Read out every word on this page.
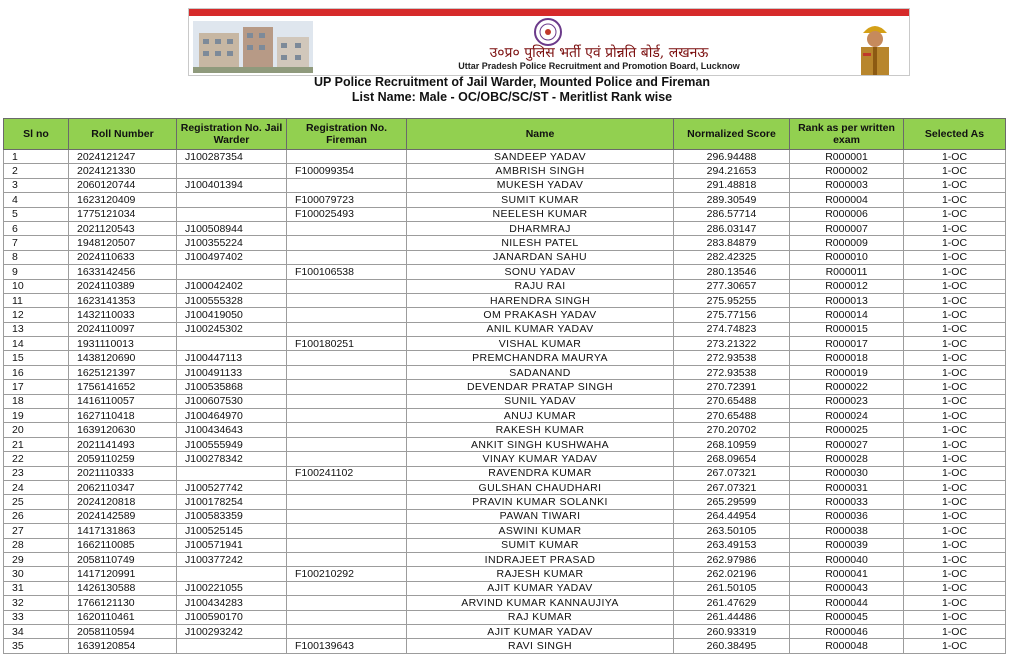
उ०प्र० पुलिस भर्ती एवं प्रोन्नति बोर्ड, लखनऊ
Uttar Pradesh Police Recruitment and Promotion Board, Lucknow
UP Police Recruitment of Jail Warder, Mounted Police and Fireman
List Name: Male - OC/OBC/SC/ST - Meritlist Rank wise
Sl no	Roll Number	Registration No. Jail Warder	Registration No. Fireman	Name	Normalized Score	Rank as per written exam	Selected As
1	2024121247	J100287354		SANDEEP YADAV	296.94488	R000001	1-OC
2	2024121330		F100099354	AMBRISH SINGH	294.21653	R000002	1-OC
3	2060120744	J100401394		MUKESH YADAV	291.48818	R000003	1-OC
4	1623120409		F100079723	SUMIT KUMAR	289.30549	R000004	1-OC
5	1775121034		F100025493	NEELESH KUMAR	286.57714	R000006	1-OC
6	2021120543	J100508944		DHARMRAJ	286.03147	R000007	1-OC
7	1948120507	J100355224		NILESH PATEL	283.84879	R000009	1-OC
8	2024110633	J100497402		JANARDAN SAHU	282.42325	R000010	1-OC
9	1633142456		F100106538	SONU YADAV	280.13546	R000011	1-OC
10	2024110389	J100042402		RAJU RAI	277.30657	R000012	1-OC
11	1623141353	J100555328		HARENDRA SINGH	275.95255	R000013	1-OC
12	1432110033	J100419050		OM PRAKASH YADAV	275.77156	R000014	1-OC
13	2024110097	J100245302		ANIL KUMAR YADAV	274.74823	R000015	1-OC
14	1931110013		F100180251	VISHAL KUMAR	273.21322	R000017	1-OC
15	1438120690	J100447113		PREMCHANDRA MAURYA	272.93538	R000018	1-OC
16	1625121397	J100491133		SADANAND	272.93538	R000019	1-OC
17	1756141652	J100535868		DEVENDAR PRATAP SINGH	270.72391	R000022	1-OC
18	1416110057	J100607530		SUNIL YADAV	270.65488	R000023	1-OC
19	1627110418	J100464970		ANUJ KUMAR	270.65488	R000024	1-OC
20	1639120630	J100434643		RAKESH KUMAR	270.20702	R000025	1-OC
21	2021141493	J100555949		ANKIT SINGH KUSHWAHA	268.10959	R000027	1-OC
22	2059110259	J100278342		VINAY KUMAR YADAV	268.09654	R000028	1-OC
23	2021110333		F100241102	RAVENDRA KUMAR	267.07321	R000030	1-OC
24	2062110347	J100527742		GULSHAN CHAUDHARI	267.07321	R000031	1-OC
25	2024120818	J100178254		PRAVIN KUMAR SOLANKI	265.29599	R000033	1-OC
26	2024142589	J100583359		PAWAN TIWARI	264.44954	R000036	1-OC
27	1417131863	J100525145		ASWINI KUMAR	263.50105	R000038	1-OC
28	1662110085	J100571941		SUMIT KUMAR	263.49153	R000039	1-OC
29	2058110749	J100377242		INDRAJEET PRASAD	262.97986	R000040	1-OC
30	1417120991		F100210292	RAJESH KUMAR	262.02196	R000041	1-OC
31	1426130588	J100221055		AJIT KUMAR YADAV	261.50105	R000043	1-OC
32	1766121130	J100434283		ARVIND KUMAR KANNAUJIYA	261.47629	R000044	1-OC
33	1620110461	J100590170		RAJ KUMAR	261.44486	R000045	1-OC
34	2058110594	J100293242		AJIT KUMAR YADAV	260.93319	R000046	1-OC
35	1639120854		F100139643	RAVI SINGH	260.38495	R000048	1-OC
